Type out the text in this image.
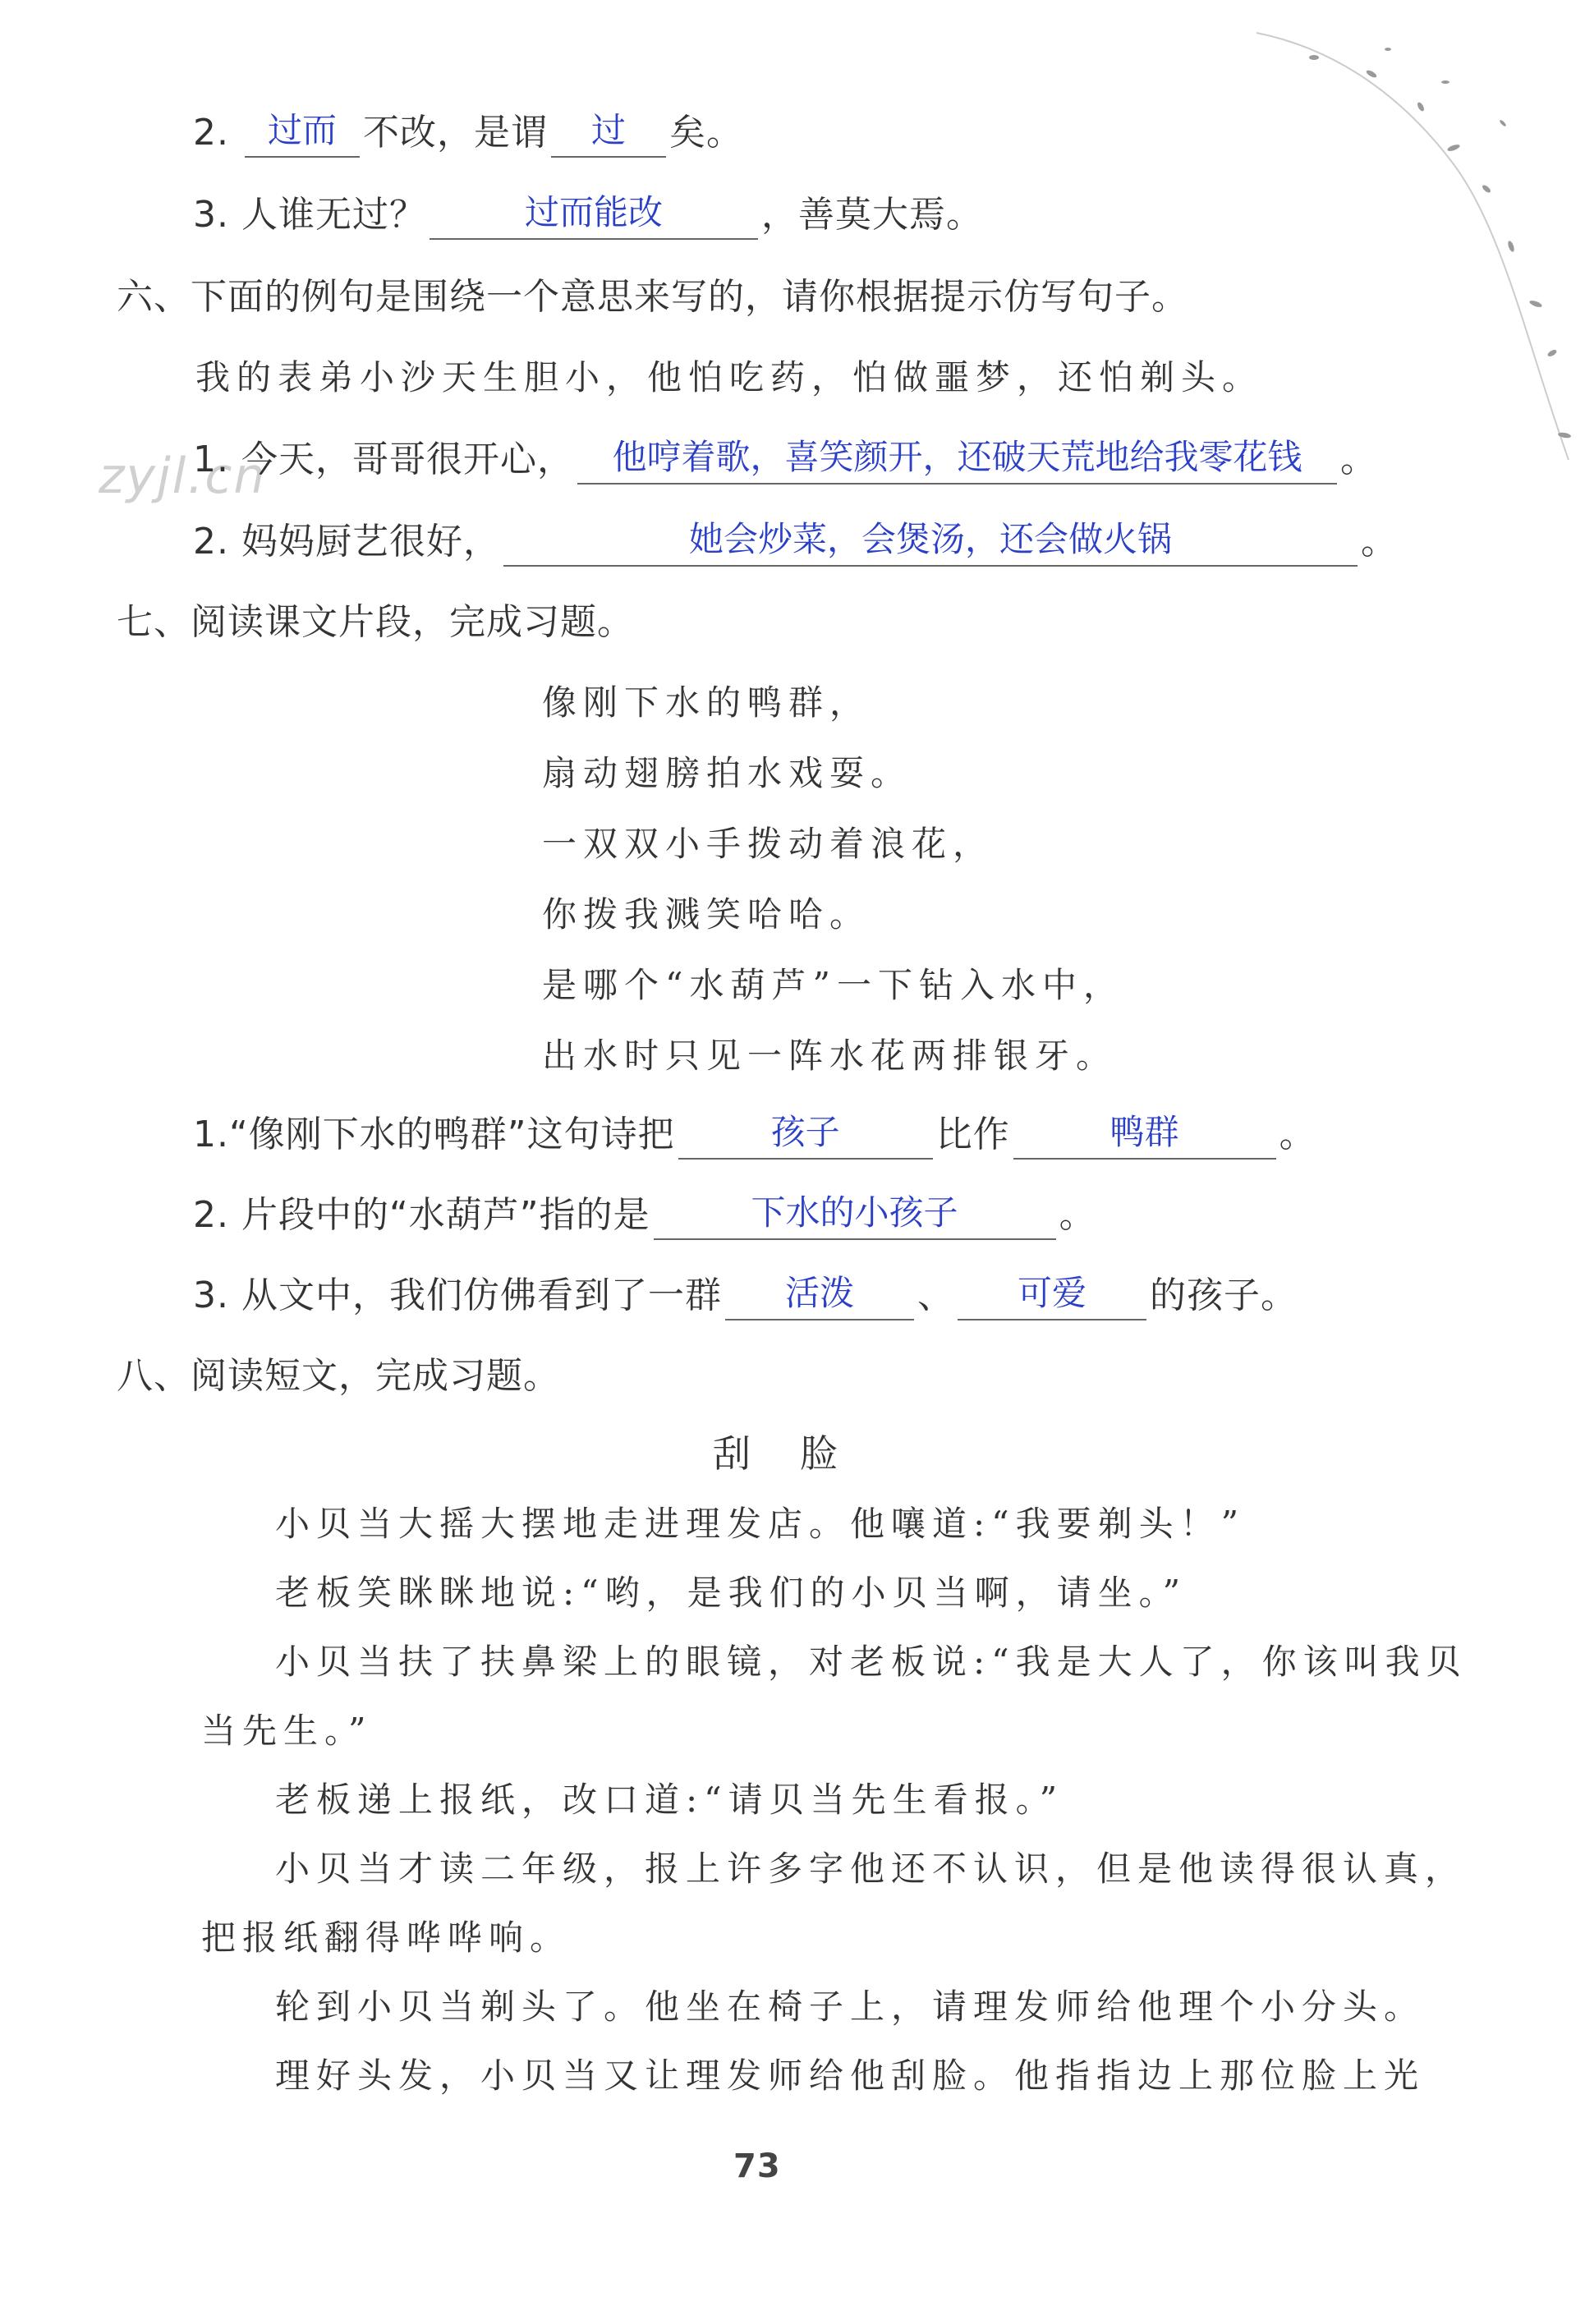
zyjl.cn
2.	过而 不改，是谓	过	矣。
3. 人谁无过？	过而能改	，善莫大焉。
六、下面的例句是围绕一个意思来写的，请你根据提示仿写句子。
我的表弟小沙天生胆小，他怕吃药，怕做噩梦，还怕剃头。
1. 今天，哥哥很开心，	他哼着歌，喜笑颜开，还破天荒地给我零花钱	。
2. 妈妈厨艺很好，	她会炒菜，会煲汤，还会做火锅	。
七、阅读课文片段，完成习题。
像刚下水的鸭群，
扇动翅膀拍水戏耍。
一双双小手拨动着浪花，
你拨我溅笑哈哈。
是哪个“水葫芦”一下钻入水中，
出水时只见一阵水花两排银牙。
1.“像刚下水的鸭群”这句诗把	孩子	比作	鸭群	。
2. 片段中的“水葫芦”指的是	下水的小孩子	。
3. 从文中，我们仿佛看到了一群	活泼	、	可爱	的孩子。
八、阅读短文，完成习题。
刮脸
小贝当大摇大摆地走进理发店。他嚷道:“我要剃头！”
老板笑眯眯地说:“哟，是我们的小贝当啊，请坐。”
小贝当扶了扶鼻梁上的眼镜，对老板说:“我是大人了，你该叫我贝
当先生。”
老板递上报纸，改口道:“请贝当先生看报。”
小贝当才读二年级，报上许多字他还不认识，但是他读得很认真，
把报纸翻得哗哗响。
轮到小贝当剃头了。他坐在椅子上，请理发师给他理个小分头。
理好头发，小贝当又让理发师给他刮脸。他指指边上那位脸上光
73
